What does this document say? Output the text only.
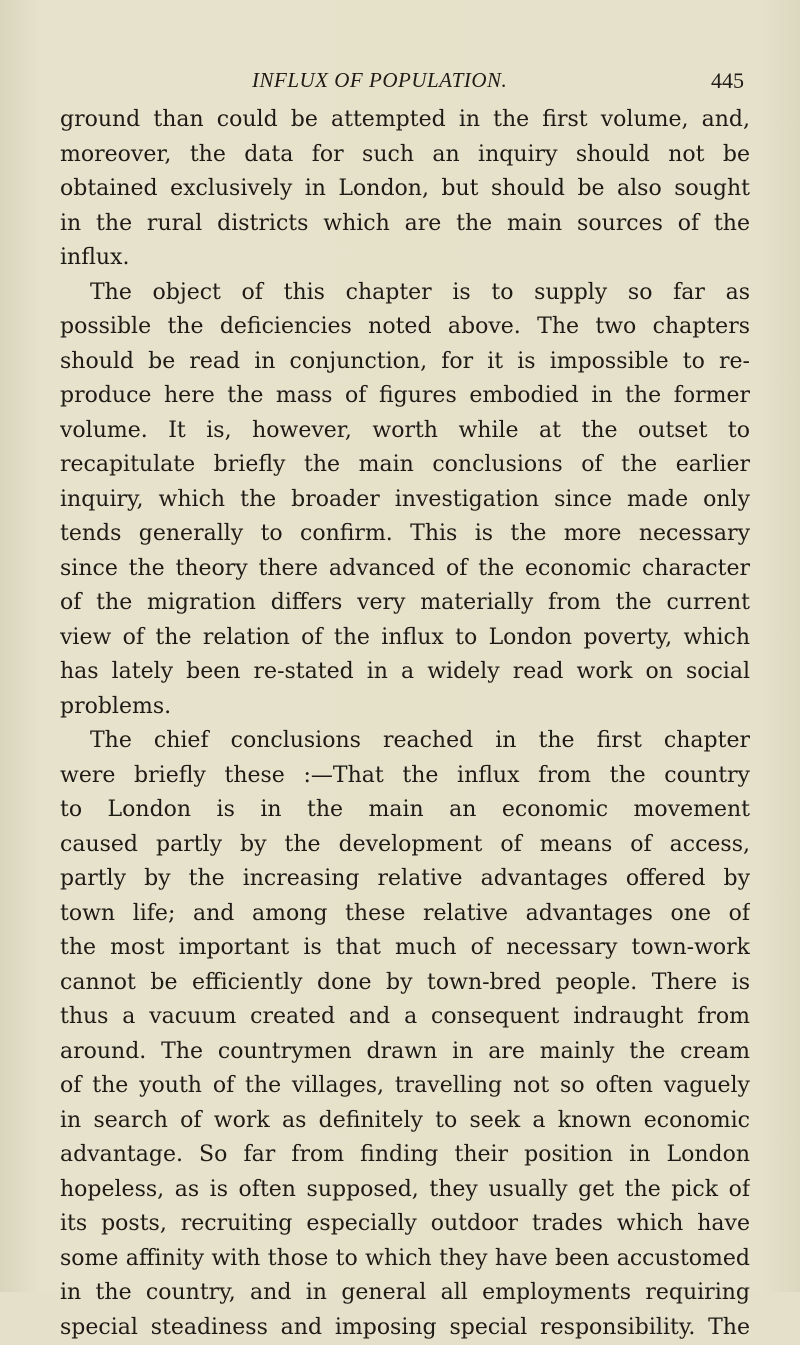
INFLUX OF POPULATION.	445
ground than could be attempted in the first volume, and,
moreover, the data for such an inquiry should not be
obtained exclusively in London, but should be also sought
in the rural districts which are the main sources of the
influx.
The object of this chapter is to supply so far as
possible the deficiencies noted above. The two chapters
should be read in conjunction, for it is impossible to re-
produce here the mass of figures embodied in the former
volume. It is, however, worth while at the outset to
recapitulate briefly the main conclusions of the earlier
inquiry, which the broader investigation since made only
tends generally to confirm. This is the more necessary
since the theory there advanced of the economic character
of the migration differs very materially from the current
view of the relation of the influx to London poverty, which
has lately been re-stated in a widely read work on social
problems.
The chief conclusions reached in the first chapter
were briefly these :—That the influx from the country
to London is in the main an economic movement
caused partly by the development of means of access,
partly by the increasing relative advantages offered by
town life; and among these relative advantages one of
the most important is that much of necessary town-work
cannot be efficiently done by town-bred people. There is
thus a vacuum created and a consequent indraught from
around. The countrymen drawn in are mainly the cream
of the youth of the villages, travelling not so often vaguely
in search of work as definitely to seek a known economic
advantage. So far from finding their position in London
hopeless, as is often supposed, they usually get the pick of
its posts, recruiting especially outdoor trades which have
some affinity with those to which they have been accustomed
in the country, and in general all employments requiring
special steadiness and imposing special responsibility. The
